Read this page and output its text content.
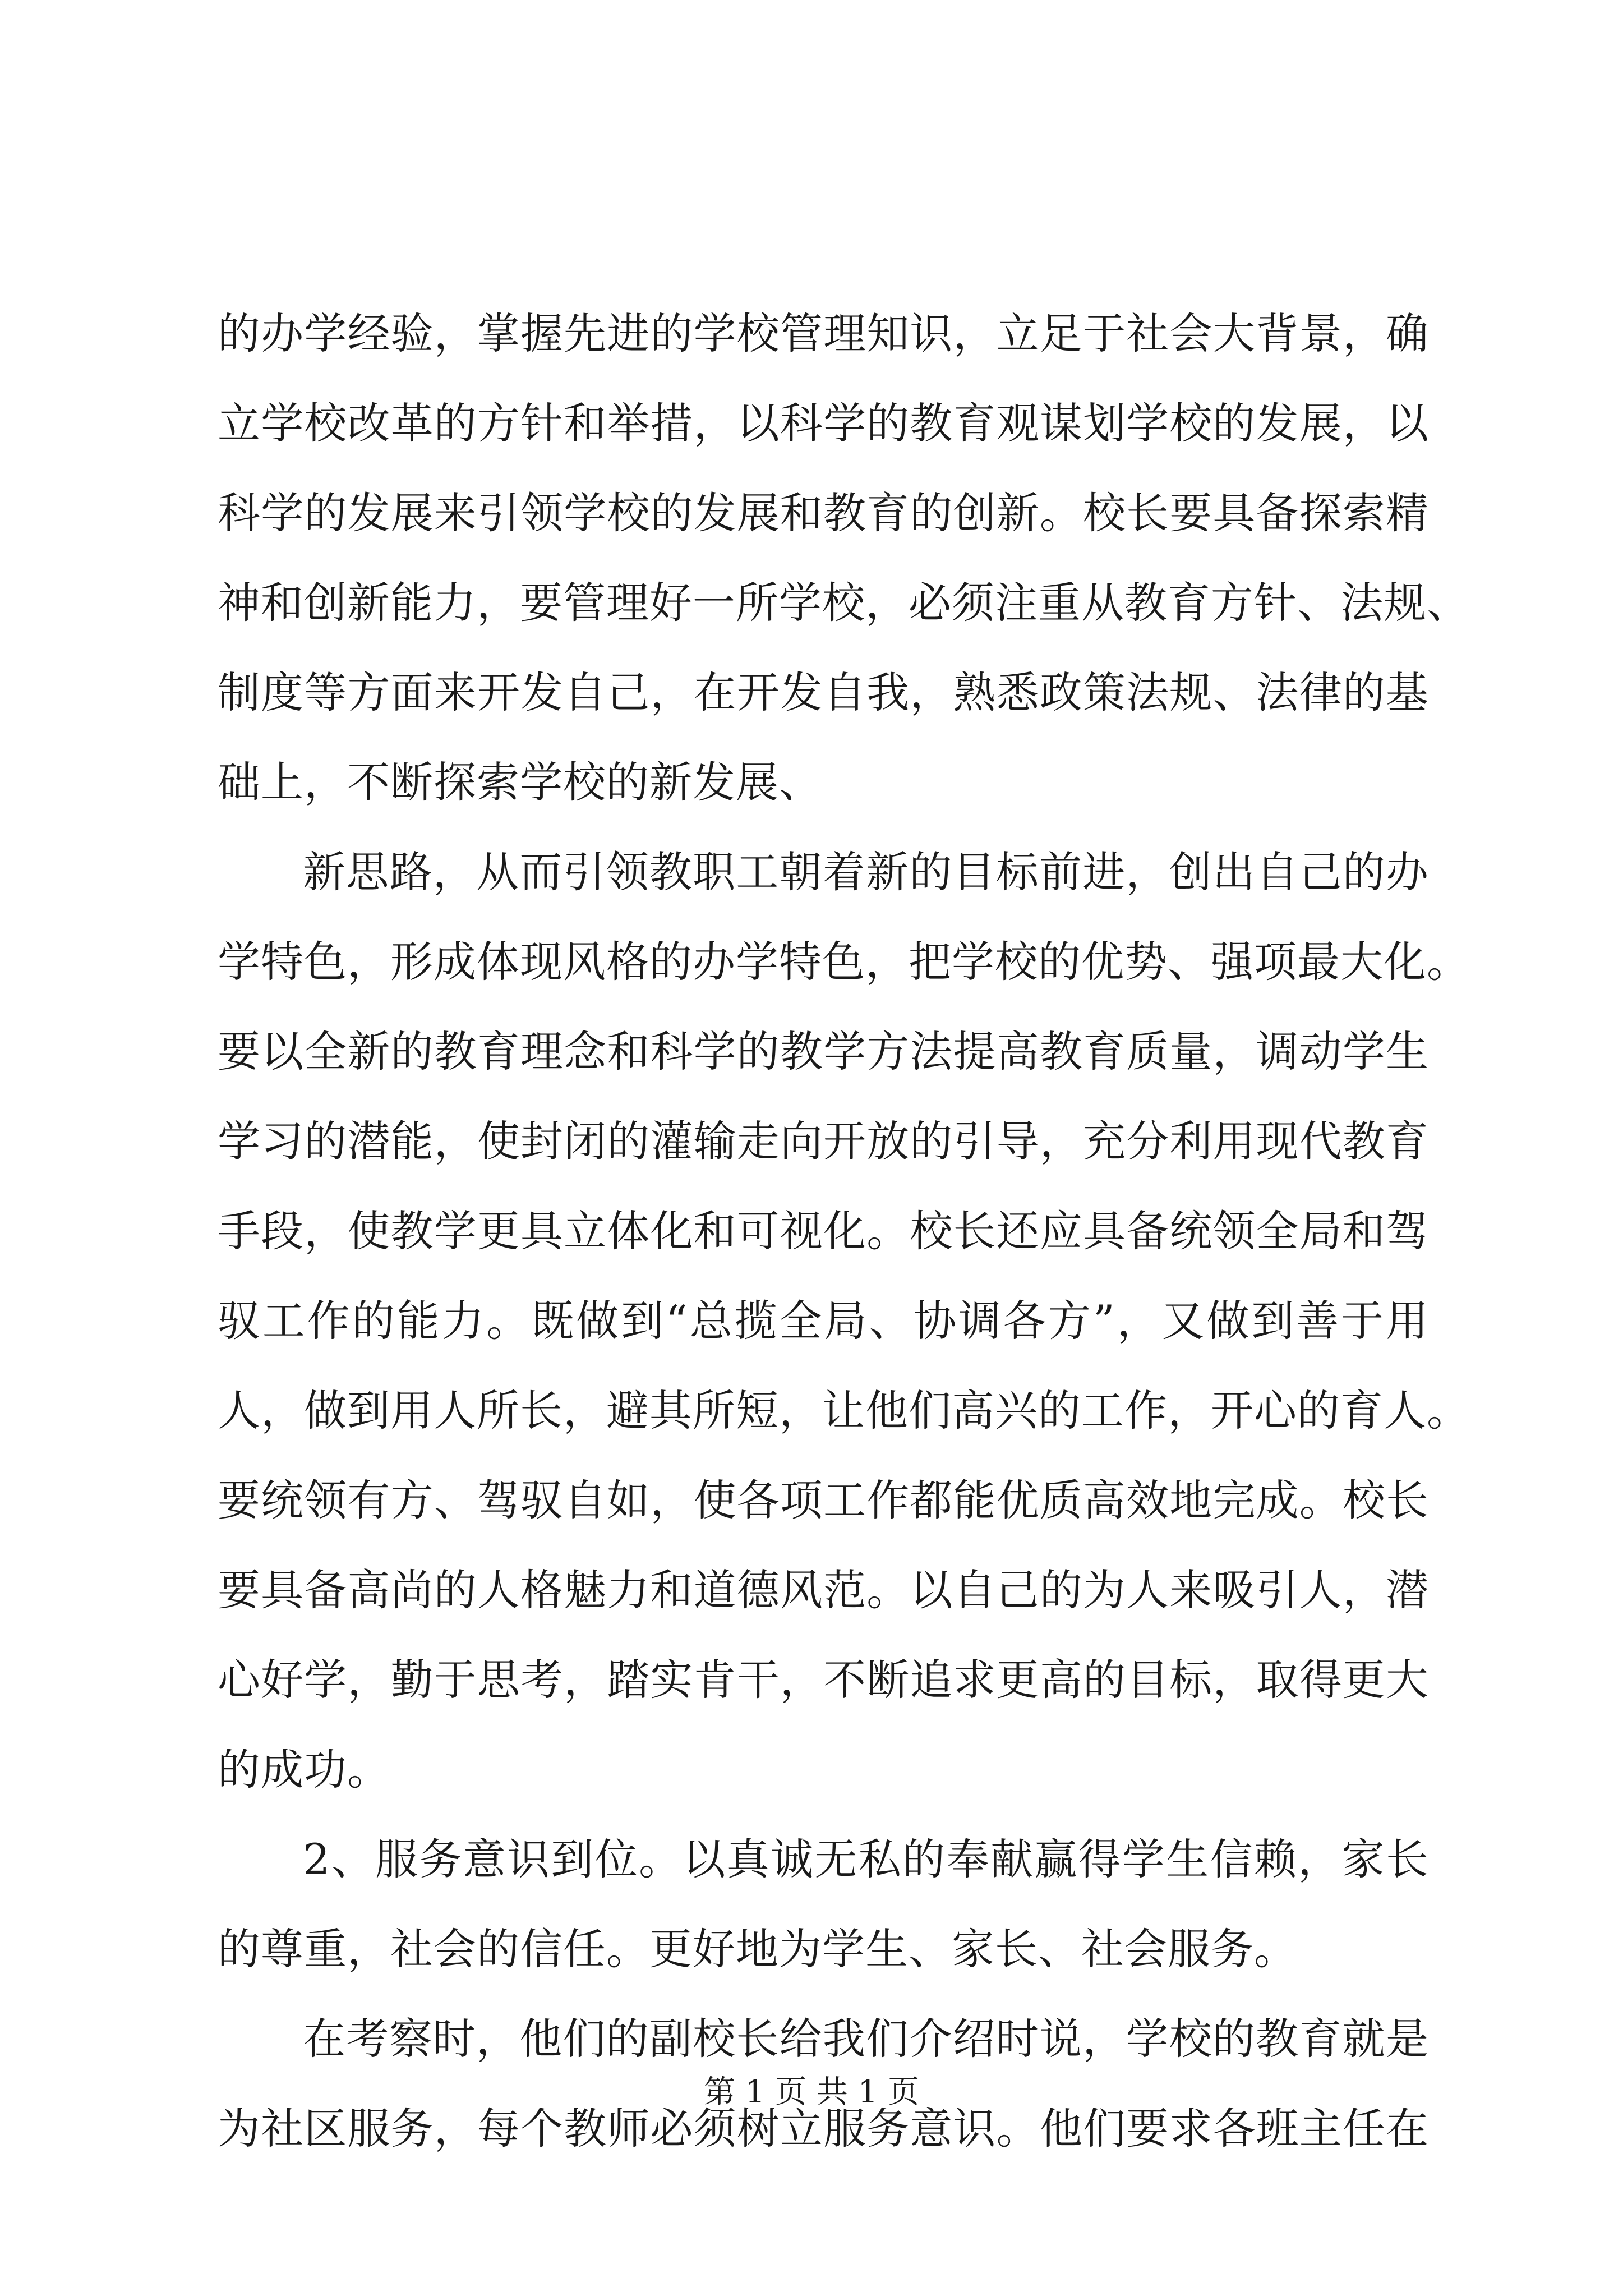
的办学经验，掌握先进的学校管理知识，立足于社会大背景，确
立学校改革的方针和举措，以科学的教育观谋划学校的发展，以
科学的发展来引领学校的发展和教育的创新。校长要具备探索精
神和创新能力，要管理好一所学校，必须注重从教育方针、法规、
制度等方面来开发自己，在开发自我，熟悉政策法规、法律的基
础上，不断探索学校的新发展、
新思路，从而引领教职工朝着新的目标前进，创出自己的办
学特色，形成体现风格的办学特色，把学校的优势、强项最大化。
要以全新的教育理念和科学的教学方法提高教育质量，调动学生
学习的潜能，使封闭的灌输走向开放的引导，充分利用现代教育
手段，使教学更具立体化和可视化。校长还应具备统领全局和驾
驭工作的能力。既做到“总揽全局、协调各方”，又做到善于用
人，做到用人所长，避其所短，让他们高兴的工作，开心的育人。
要统领有方、驾驭自如，使各项工作都能优质高效地完成。校长
要具备高尚的人格魅力和道德风范。以自己的为人来吸引人，潜
心好学，勤于思考，踏实肯干，不断追求更高的目标，取得更大
的成功。
2、服务意识到位。以真诚无私的奉献赢得学生信赖，家长
的尊重，社会的信任。更好地为学生、家长、社会服务。
在考察时，他们的副校长给我们介绍时说，学校的教育就是
为社区服务，每个教师必须树立服务意识。他们要求各班主任在
第 1 页 共 1 页
